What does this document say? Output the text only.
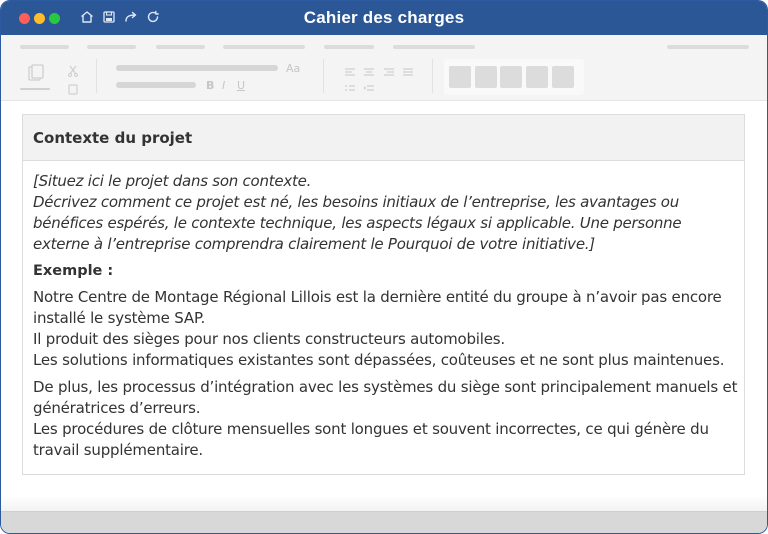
Cahier des charges
Aa
B I U
Contexte du projet
[Situez ici le projet dans son contexte.
Décrivez comment ce projet est né, les besoins initiaux de l’entreprise, les avantages ou bénéfices espérés, le contexte technique, les aspects légaux si applicable. Une personne externe à l’entreprise comprendra clairement le Pourquoi de votre initiative.]
Exemple :
Notre Centre de Montage Régional Lillois est la dernière entité du groupe à n’avoir pas encore installé le système SAP.
Il produit des sièges pour nos clients constructeurs automobiles.
Les solutions informatiques existantes sont dépassées, coûteuses et ne sont plus maintenues.
De plus, les processus d’intégration avec les systèmes du siège sont principalement manuels et génératrices d’erreurs.
Les procédures de clôture mensuelles sont longues et souvent incorrectes, ce qui génère du travail supplémentaire.
